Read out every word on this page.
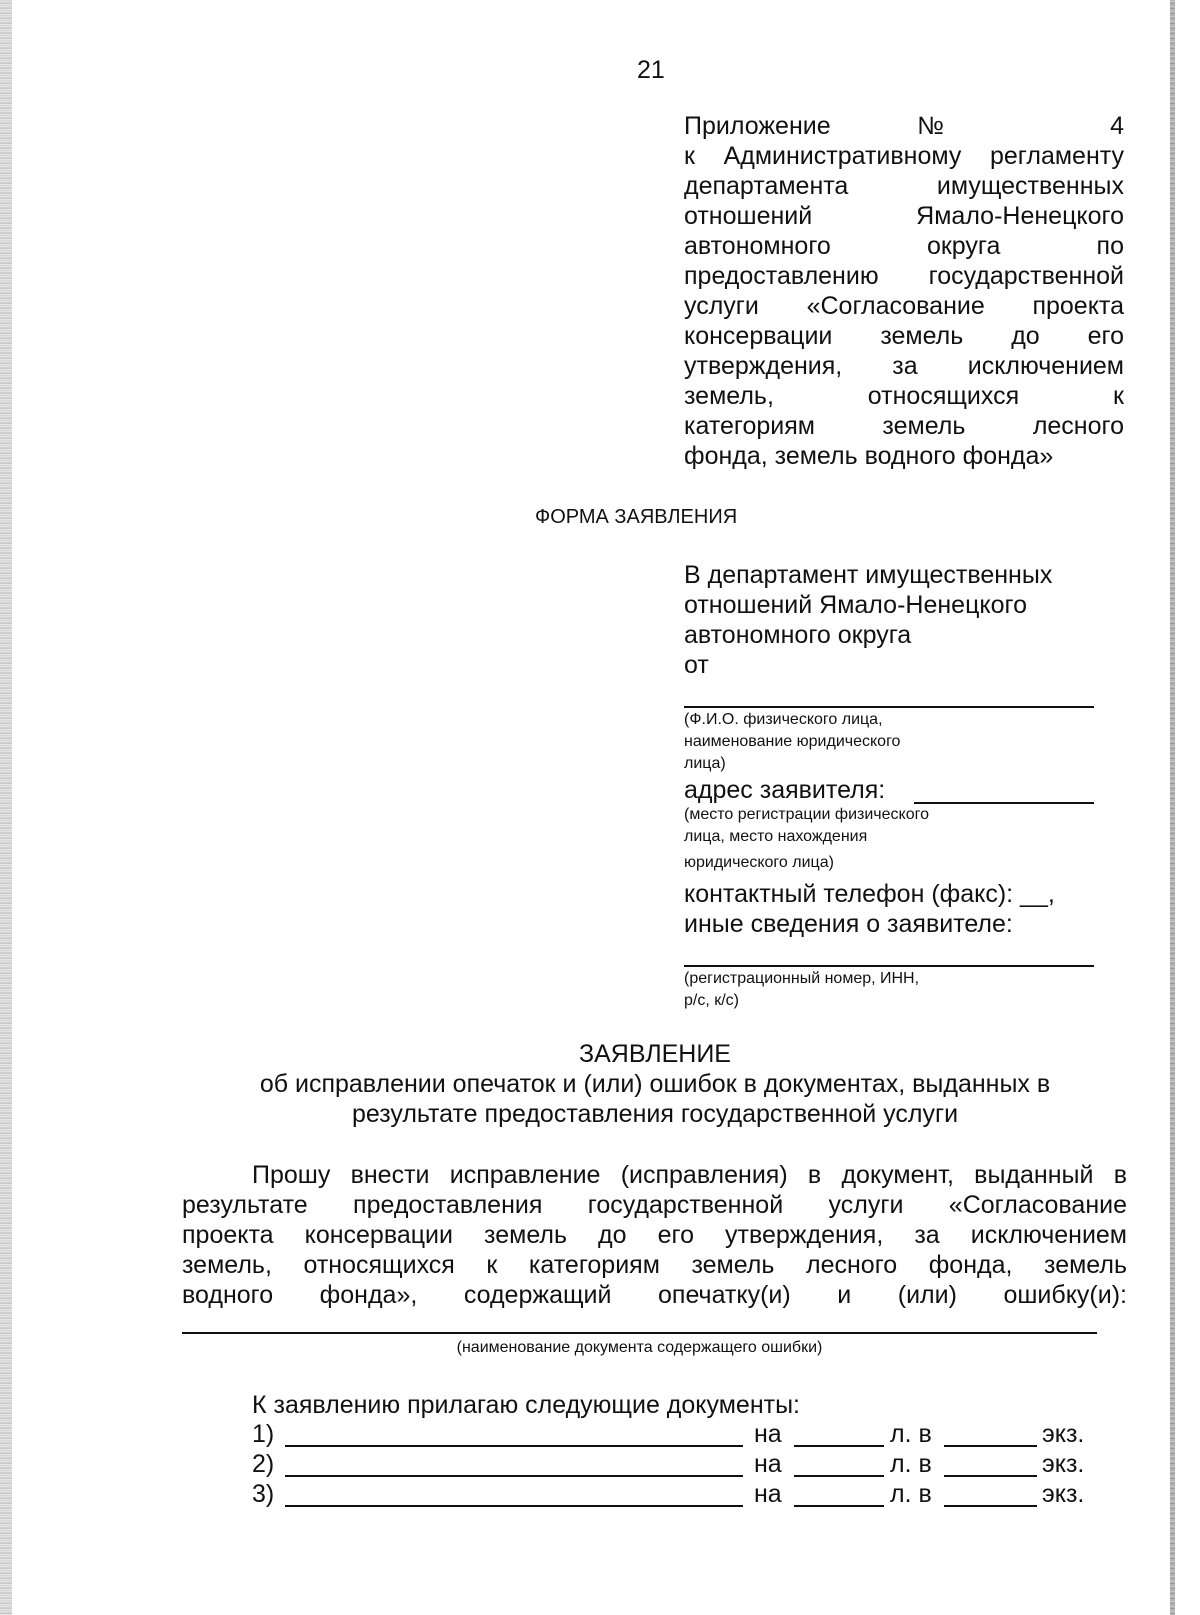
21
Приложение № 4
к Административному регламенту
департамента имущественных
отношений Ямало-Ненецкого
автономного округа по
предоставлению государственной
услуги «Согласование проекта
консервации земель до его
утверждения, за исключением
земель, относящихся к
категориям земель лесного
фонда, земель водного фонда»
ФОРМА ЗАЯВЛЕНИЯ
В департамент имущественных
отношений Ямало-Ненецкого
автономного округа
от
(Ф.И.О. физического лица,
наименование юридического
лица)
адрес заявителя:
(место регистрации физического
лица, место нахождения
юридического лица)
контактный телефон (факс): __,
иные сведения о заявителе:
(регистрационный номер, ИНН,
р/с, к/с)
ЗАЯВЛЕНИЕ
об исправлении опечаток и (или) ошибок в документах, выданных в
результате предоставления государственной услуги
Прошу внести исправление (исправления) в документ, выданный в
результате предоставления государственной услуги «Согласование
проекта консервации земель до его утверждения, за исключением
земель, относящихся к категориям земель лесного фонда, земель
водного фонда», содержащий опечатку(и) и (или) ошибку(и):
(наименование документа содержащего ошибки)
К заявлению прилагаю следующие документы:
1)	на	л. в	экз.
2)	на	л. в	экз.
3)	на	л. в	экз.
